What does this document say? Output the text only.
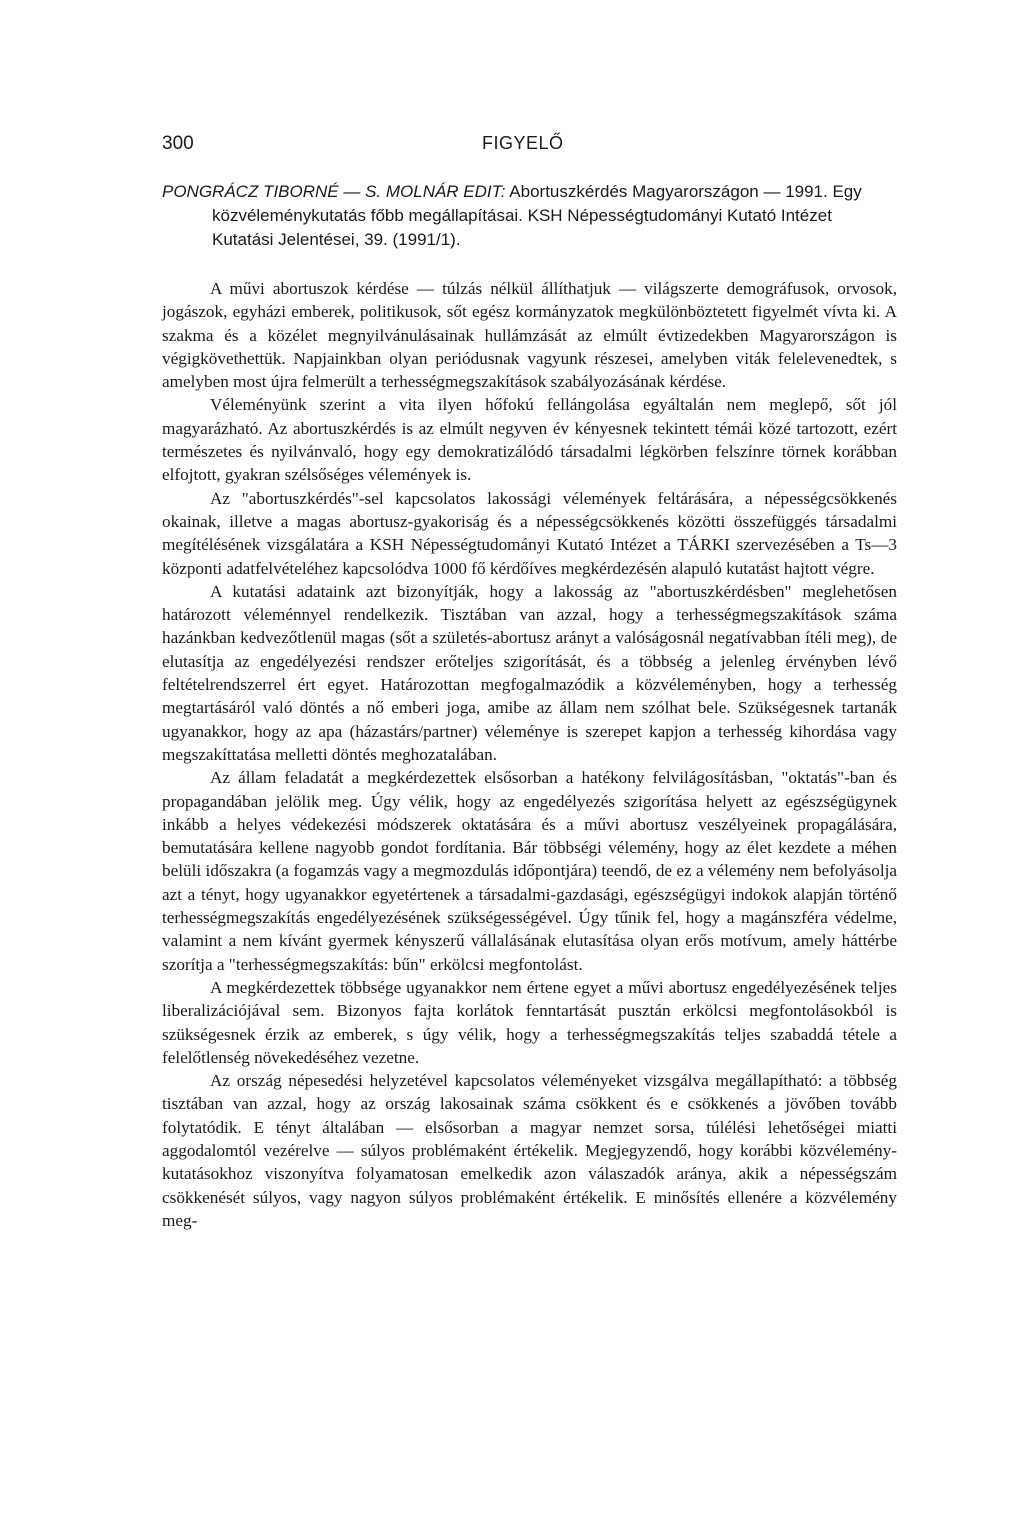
300	FIGYELŐ
PONGRÁCZ TIBORNÉ — S. MOLNÁR EDIT: Abortuszkérdés Magyarországon — 1991. Egy közvéleménykutatás főbb megállapításai. KSH Népességtudományi Kutató Intézet Kutatási Jelentései, 39. (1991/1).

A művi abortuszok kérdése — túlzás nélkül állíthatjuk — világszerte demográfusok, orvosok, jogászok, egyházi emberek, politikusok, sőt egész kormányzatok megkülönböztetett figyelmét vívta ki. A szakma és a közélet megnyilvánulásainak hullámzását az elmúlt évtizedekben Magyarországon is végigkövethettük. Napjainkban olyan periódusnak vagyunk részesei, amelyben viták felelevenedtek, s amelyben most újra felmerült a terhességmegszakítások szabályozásának kérdése.

Véleményünk szerint a vita ilyen hőfokú fellángolása egyáltalán nem meglepő, sőt jól magyarázható. Az abortuszkérdés is az elmúlt negyven év kényesnek tekintett témái közé tartozott, ezért természetes és nyilvánvaló, hogy egy demokratizálódó társadalmi légkörben felszínre törnek korábban elfojtott, gyakran szélsőséges vélemények is.

Az "abortuszkérdés"-sel kapcsolatos lakossági vélemények feltárására, a népességcsökkenés okainak, illetve a magas abortusz-gyakoriság és a népességcsökkenés közötti összefüggés társadalmi megítélésének vizsgálatára a KSH Népességtudományi Kutató Intézet a TÁRKI szervezésében a Ts—3 központi adatfelvételéhez kapcsolódva 1000 fő kérdőíves megkérdezésén alapuló kutatást hajtott végre.

A kutatási adataink azt bizonyítják, hogy a lakosság az "abortuszkérdésben" meglehetősen határozott véleménnyel rendelkezik. Tisztában van azzal, hogy a terhességmegszakítások száma hazánkban kedvezőtlenül magas (sőt a születés-abortusz arányt a valóságosnál negatívabban ítéli meg), de elutasítja az engedélyezési rendszer erőteljes szigorítását, és a többség a jelenleg érvényben lévő feltételrendszerrel ért egyet. Határozottan megfogalmazódik a közvéleményben, hogy a terhesség megtartásáról való döntés a nő emberi joga, amibe az állam nem szólhat bele. Szükségesnek tartanák ugyanakkor, hogy az apa (házastárs/partner) véleménye is szerepet kapjon a terhesség kihordása vagy megszakíttatása melletti döntés meghozatalában.

Az állam feladatát a megkérdezettek elsősorban a hatékony felvilágosításban, "oktatás"-ban és propagandában jelölik meg. Úgy vélik, hogy az engedélyezés szigorítása helyett az egészségügynek inkább a helyes védekezési módszerek oktatására és a művi abortusz veszélyeinek propagálására, bemutatására kellene nagyobb gondot fordítania. Bár többségi vélemény, hogy az élet kezdete a méhen belüli időszakra (a fogamzás vagy a megmozdulás időpontjára) teendő, de ez a vélemény nem befolyásolja azt a tényt, hogy ugyanakkor egyetértenek a társadalmi-gazdasági, egészségügyi indokok alapján történő terhességmegszakítás engedélyezésének szükségességével. Úgy tűnik fel, hogy a magánszféra védelme, valamint a nem kívánt gyermek kényszerű vállalásának elutasítása olyan erős motívum, amely háttérbe szorítja a "terhességmegszakítás: bűn" erkölcsi megfontolást.

A megkérdezettek többsége ugyanakkor nem értene egyet a művi abortusz engedélyezésének teljes liberalizációjával sem. Bizonyos fajta korlátok fenntartását pusztán erkölcsi megfontolásokból is szükségesnek érzik az emberek, s úgy vélik, hogy a terhességmegszakítás teljes szabaddá tétele a felelőtlenség növekedéséhez vezetne.

Az ország népesedési helyzetével kapcsolatos véleményeket vizsgálva megállapítható: a többség tisztában van azzal, hogy az ország lakosainak száma csökkent és e csökkenés a jövőben tovább folytatódik. E tényt általában — elsősorban a magyar nemzet sorsa, túlélési lehetőségei miatti aggodalomtól vezérelve — súlyos problémaként értékelik. Megjegyzendő, hogy korábbi közvélemény-kutatásokhoz viszonyítva folyamatosan emelkedik azon válaszadók aránya, akik a népességszám csökkenését súlyos, vagy nagyon súlyos problémaként értékelik. E minősítés ellenére a közvélemény meg-
